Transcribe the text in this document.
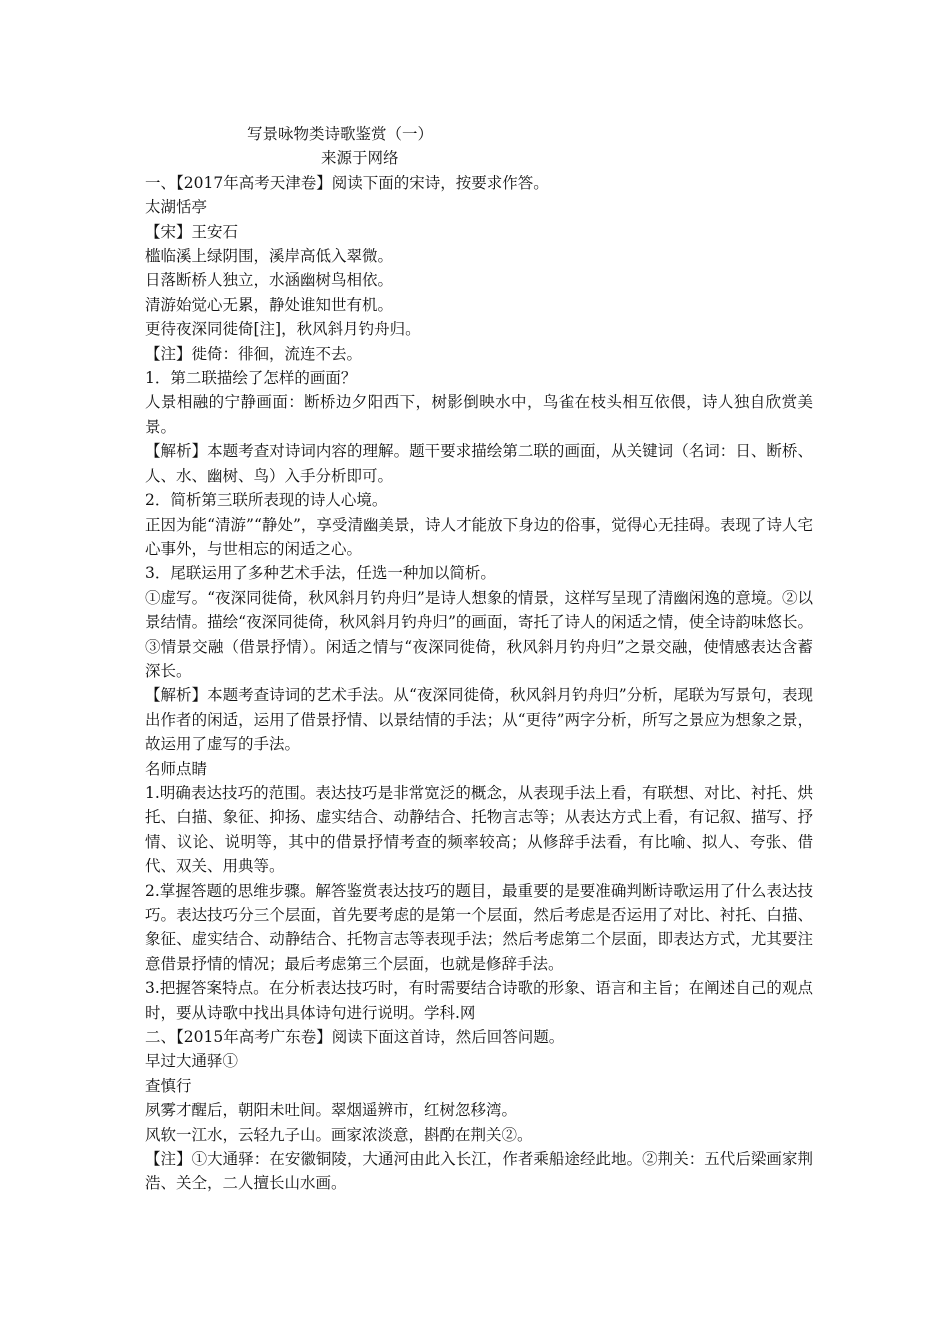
写景咏物类诗歌鉴赏（一）

来源于网络

一、【2017年高考天津卷】阅读下面的宋诗，按要求作答。

太湖恬亭

【宋】王安石

槛临溪上绿阴围，溪岸高低入翠微。

日落断桥人独立，水涵幽树鸟相依。

清游始觉心无累，静处谁知世有机。

更待夜深同徙倚[注]，秋风斜月钓舟归。

【注】徙倚：徘徊，流连不去。

1．第二联描绘了怎样的画面？

人景相融的宁静画面：断桥边夕阳西下，树影倒映水中，鸟雀在枝头相互依偎，诗人独自欣赏美景。

【解析】本题考查对诗词内容的理解。题干要求描绘第二联的画面，从关键词（名词：日、断桥、人、水、幽树、鸟）入手分析即可。

2．简析第三联所表现的诗人心境。

正因为能“清游”“静处”，享受清幽美景，诗人才能放下身边的俗事，觉得心无挂碍。表现了诗人宅心事外，与世相忘的闲适之心。

3．尾联运用了多种艺术手法，任选一种加以简析。

①虚写。“夜深同徙倚，秋风斜月钓舟归”是诗人想象的情景，这样写呈现了清幽闲逸的意境。②以景结情。描绘“夜深同徙倚，秋风斜月钓舟归”的画面，寄托了诗人的闲适之情，使全诗韵味悠长。③情景交融（借景抒情）。闲适之情与“夜深同徙倚，秋风斜月钓舟归”之景交融，使情感表达含蓄深长。

【解析】本题考查诗词的艺术手法。从“夜深同徙倚，秋风斜月钓舟归”分析，尾联为写景句，表现出作者的闲适，运用了借景抒情、以景结情的手法；从“更待”两字分析，所写之景应为想象之景，故运用了虚写的手法。

名师点睛

1.明确表达技巧的范围。表达技巧是非常宽泛的概念，从表现手法上看，有联想、对比、衬托、烘托、白描、象征、抑扬、虚实结合、动静结合、托物言志等；从表达方式上看，有记叙、描写、抒情、议论、说明等，其中的借景抒情考查的频率较高；从修辞手法看，有比喻、拟人、夸张、借代、双关、用典等。

2.掌握答题的思维步骤。解答鉴赏表达技巧的题目，最重要的是要准确判断诗歌运用了什么表达技巧。表达技巧分三个层面，首先要考虑的是第一个层面，然后考虑是否运用了对比、衬托、白描、象征、虚实结合、动静结合、托物言志等表现手法；然后考虑第二个层面，即表达方式，尤其要注意借景抒情的情况；最后考虑第三个层面，也就是修辞手法。

3.把握答案特点。在分析表达技巧时，有时需要结合诗歌的形象、语言和主旨；在阐述自己的观点时，要从诗歌中找出具体诗句进行说明。学科.网

二、【2015年高考广东卷】阅读下面这首诗，然后回答问题。

早过大通驿①

查慎行

夙雾才醒后，朝阳未吐间。翠烟遥辨市，红树忽移湾。

风软一江水，云轻九子山。画家浓淡意，斟酌在荆关②。

【注】①大通驿：在安徽铜陵，大通河由此入长江，作者乘船途经此地。②荆关：五代后梁画家荆浩、关仝，二人擅长山水画。
